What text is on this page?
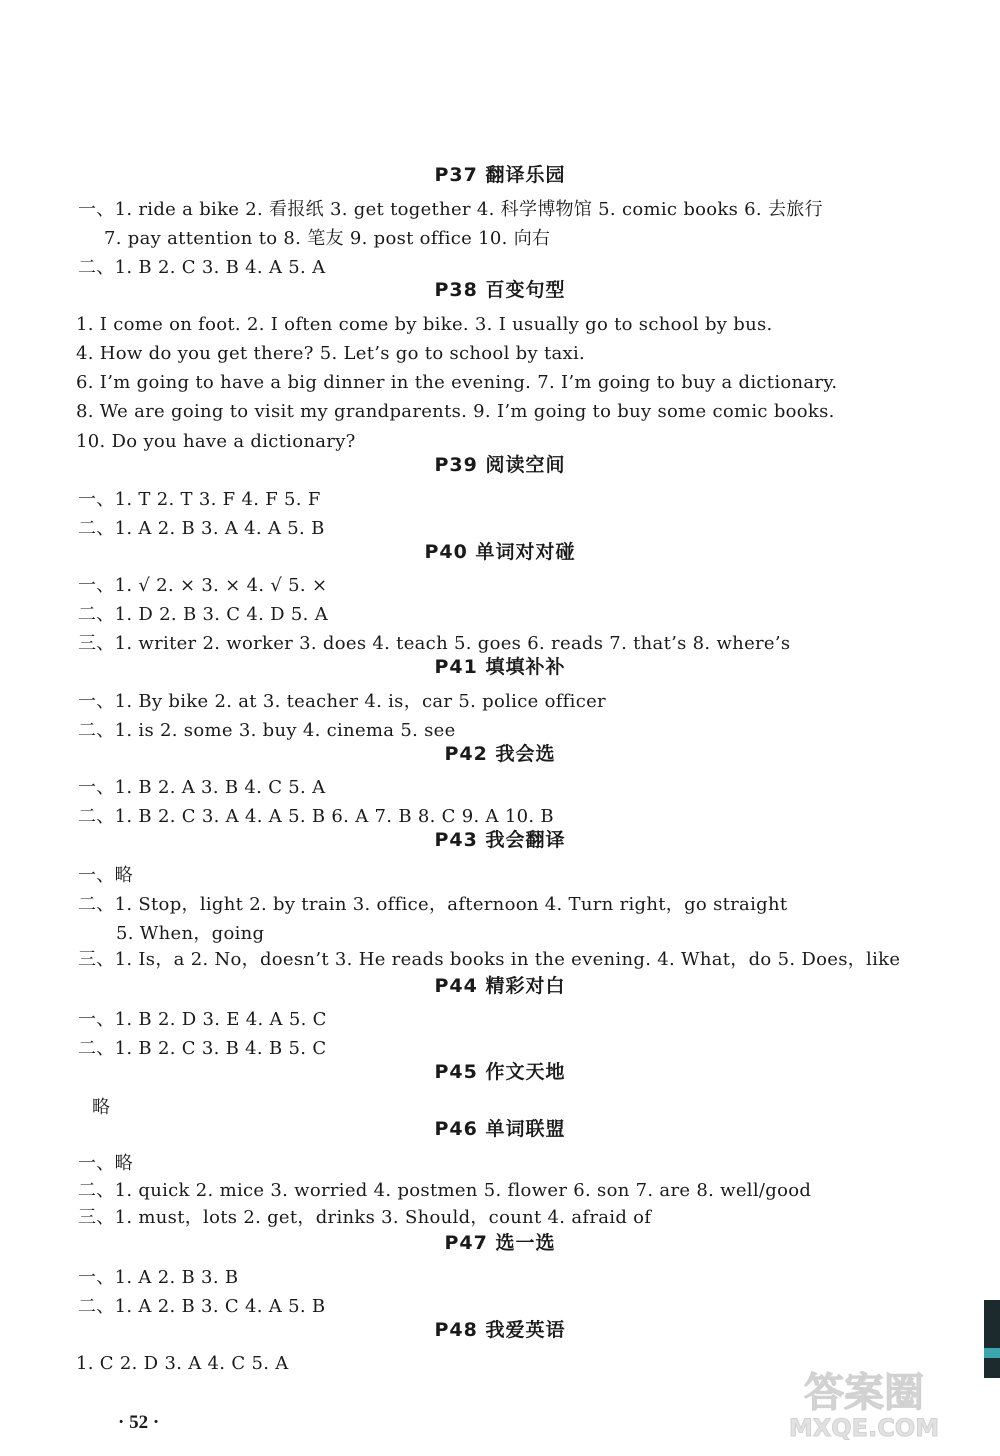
P37 翻译乐园
一、1. ride a bike 2. 看报纸 3. get together 4. 科学博物馆 5. comic books 6. 去旅行
7. pay attention to 8. 笔友 9. post office 10. 向右
二、1. B 2. C 3. B 4. A 5. A
P38 百变句型
1. I come on foot. 2. I often come by bike. 3. I usually go to school by bus.
4. How do you get there? 5. Let’s go to school by taxi.
6. I’m going to have a big dinner in the evening. 7. I’m going to buy a dictionary.
8. We are going to visit my grandparents. 9. I’m going to buy some comic books.
10. Do you have a dictionary?
P39 阅读空间
一、1. T 2. T 3. F 4. F 5. F
二、1. A 2. B 3. A 4. A 5. B
P40 单词对对碰
一、1. √ 2. × 3. × 4. √ 5. ×
二、1. D 2. B 3. C 4. D 5. A
三、1. writer 2. worker 3. does 4. teach 5. goes 6. reads 7. that’s 8. where’s
P41 填填补补
一、1. By bike 2. at 3. teacher 4. is，car 5. police officer
二、1. is 2. some 3. buy 4. cinema 5. see
P42 我会选
一、1. B 2. A 3. B 4. C 5. A
二、1. B 2. C 3. A 4. A 5. B 6. A 7. B 8. C 9. A 10. B
P43 我会翻译
一、略
二、1. Stop，light 2. by train 3. office，afternoon 4. Turn right，go straight
5. When，going
三、1. Is，a 2. No，doesn’t 3. He reads books in the evening. 4. What，do 5. Does，like
P44 精彩对白
一、1. B 2. D 3. E 4. A 5. C
二、1. B 2. C 3. B 4. B 5. C
P45 作文天地
略
P46 单词联盟
一、略
二、1. quick 2. mice 3. worried 4. postmen 5. flower 6. son 7. are 8. well/good
三、1. must，lots 2. get，drinks 3. Should，count 4. afraid of
P47 选一选
一、1. A 2. B 3. B
二、1. A 2. B 3. C 4. A 5. B
P48 我爱英语
1. C 2. D 3. A 4. C 5. A
· 52 ·
答案圈 MXQE.COM
